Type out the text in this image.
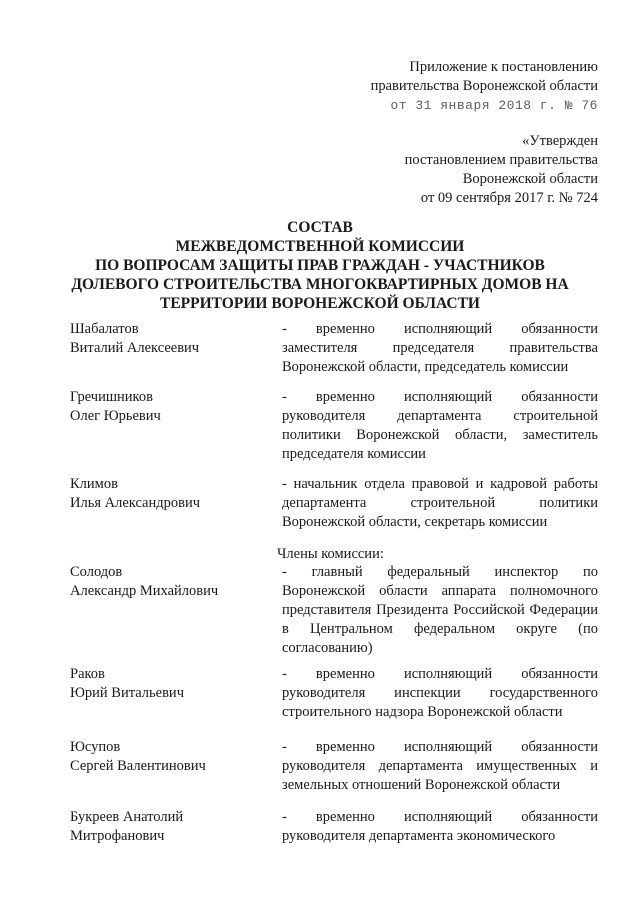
Приложение к постановлению
правительства Воронежской области
от 31 января 2018 г. № 76
«Утвержден
постановлением правительства
Воронежской области
от 09 сентября 2017 г. № 724
СОСТАВ
МЕЖВЕДОМСТВЕННОЙ КОМИССИИ
ПО ВОПРОСАМ ЗАЩИТЫ ПРАВ ГРАЖДАН - УЧАСТНИКОВ
ДОЛЕВОГО СТРОИТЕЛЬСТВА МНОГОКВАРТИРНЫХ ДОМОВ НА
ТЕРРИТОРИИ ВОРОНЕЖСКОЙ ОБЛАСТИ
Шабалатов
Виталий Алексеевич
- временно исполняющий обязанности заместителя председателя правительства Воронежской области, председатель комиссии
Гречишников
Олег Юрьевич
- временно исполняющий обязанности руководителя департамента строительной политики Воронежской области, заместитель председателя комиссии
Климов
Илья Александрович
- начальник отдела правовой и кадровой работы департамента строительной политики Воронежской области, секретарь комиссии
Члены комиссии:
Солодов
Александр Михайлович
- главный федеральный инспектор по Воронежской области аппарата полномочного представителя Президента Российской Федерации в Центральном федеральном округе (по согласованию)
Раков
Юрий Витальевич
- временно исполняющий обязанности руководителя инспекции государственного строительного надзора Воронежской области
Юсупов
Сергей Валентинович
- временно исполняющий обязанности руководителя департамента имущественных и земельных отношений Воронежской области
Букреев Анатолий
Митрофанович
- временно исполняющий обязанности руководителя департамента экономического
